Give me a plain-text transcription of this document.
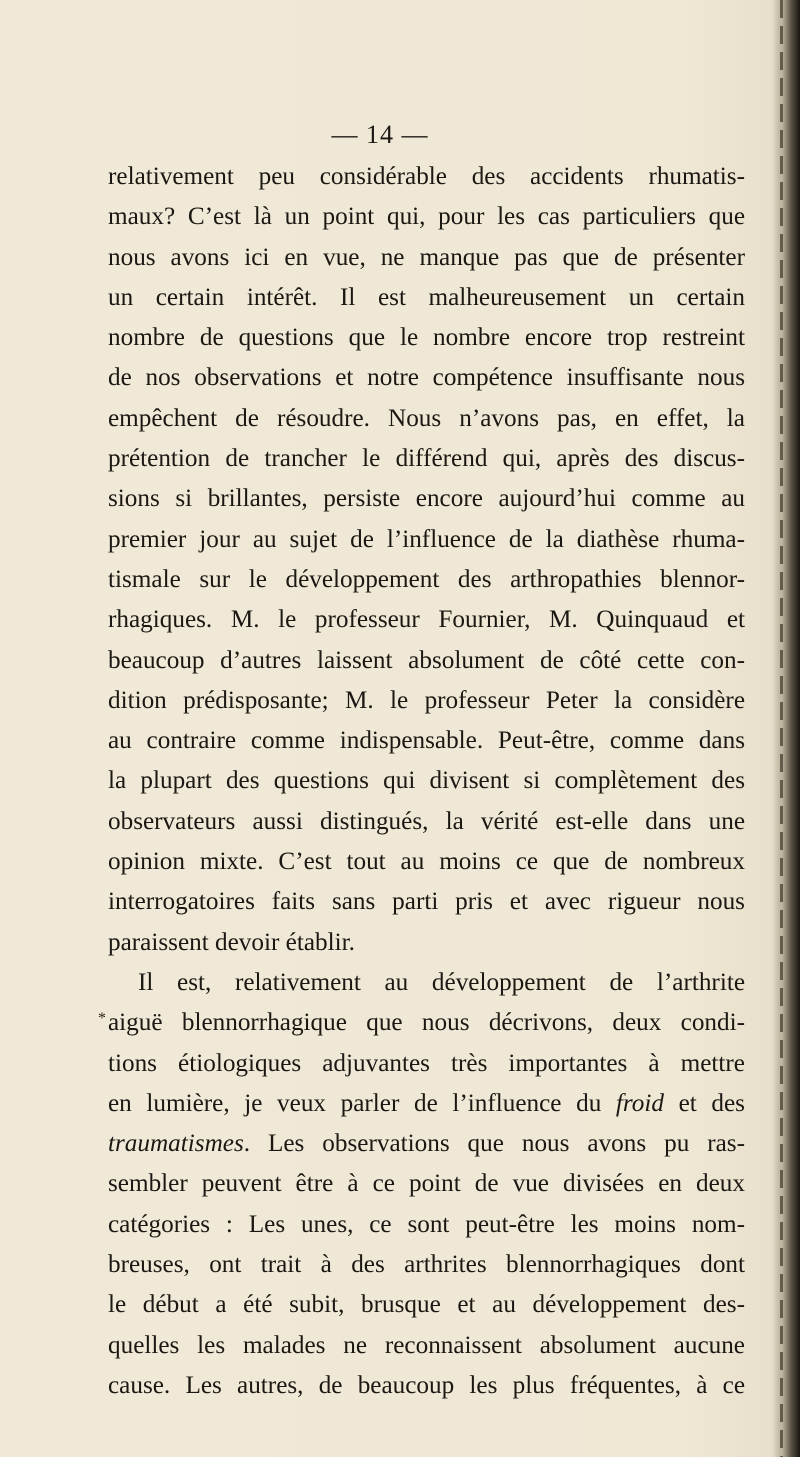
— 14 —
*
relativement peu considérable des accidents rhumatis-
maux? C’est là un point qui, pour les cas particuliers que
nous avons ici en vue, ne manque pas que de présenter
un certain intérêt. Il est malheureusement un certain
nombre de questions que le nombre encore trop restreint
de nos observations et notre compétence insuffisante nous
empêchent de résoudre. Nous n’avons pas, en effet, la
prétention de trancher le différend qui, après des discus-
sions si brillantes, persiste encore aujourd’hui comme au
premier jour au sujet de l’influence de la diathèse rhuma-
tismale sur le développement des arthropathies blennor-
rhagiques. M. le professeur Fournier, M. Quinquaud et
beaucoup d’autres laissent absolument de côté cette con-
dition prédisposante; M. le professeur Peter la considère
au contraire comme indispensable. Peut-être, comme dans
la plupart des questions qui divisent si complètement des
observateurs aussi distingués, la vérité est-elle dans une
opinion mixte. C’est tout au moins ce que de nombreux
interrogatoires faits sans parti pris et avec rigueur nous
paraissent devoir établir.
Il est, relativement au développement de l’arthrite
aiguë blennorrhagique que nous décrivons, deux condi-
tions étiologiques adjuvantes très importantes à mettre
en lumière, je veux parler de l’influence du froid et des
traumatismes. Les observations que nous avons pu ras-
sembler peuvent être à ce point de vue divisées en deux
catégories : Les unes, ce sont peut-être les moins nom-
breuses, ont trait à des arthrites blennorrhagiques dont
le début a été subit, brusque et au développement des-
quelles les malades ne reconnaissent absolument aucune
cause. Les autres, de beaucoup les plus fréquentes, à ce
